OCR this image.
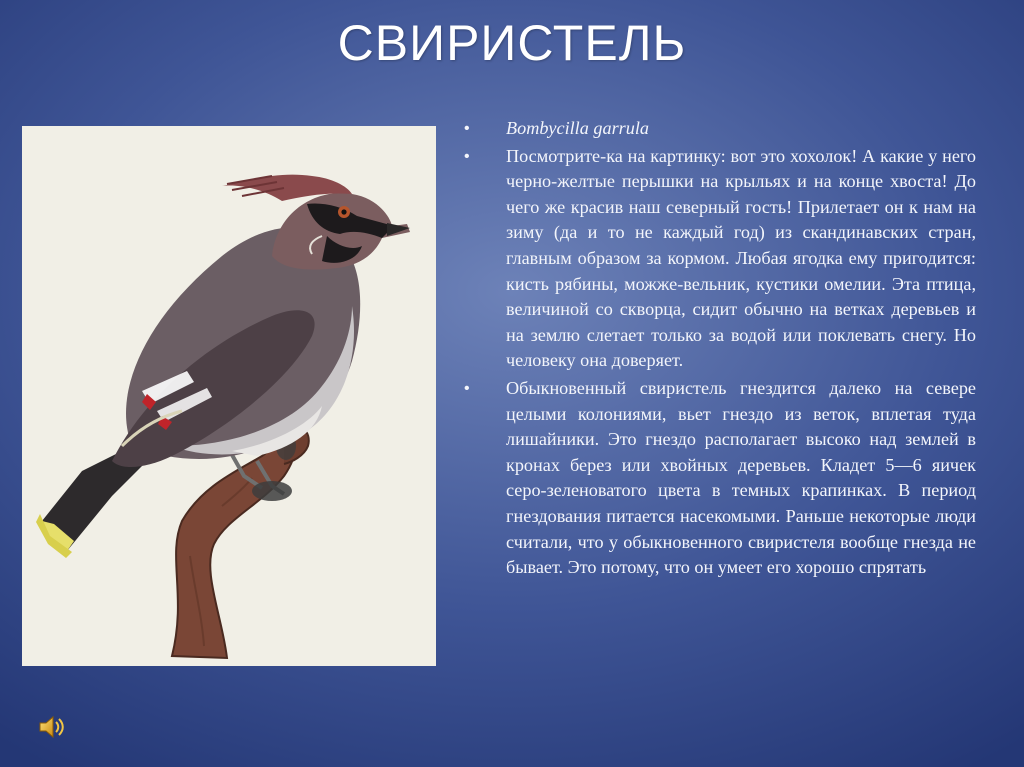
СВИРИСТЕЛЬ
• Bombycilla garrula
• Посмотрите-ка на картинку: вот это хохолок! А какие у него черно-желтые перышки на крыльях и на конце хвоста! До чего же красив наш северный гость! Прилетает он к нам на зиму (да и то не каждый год) из скандинавских стран, главным образом за кормом. Любая ягодка ему пригодится: кисть рябины, можже-вельник, кустики омелии. Эта птица, величиной со скворца, сидит обычно на ветках деревьев и на землю слетает только за водой или поклевать снегу. Но человеку она доверяет.
• Обыкновенный свиристель гнездится далеко на севере целыми колониями, вьет гнездо из веток, вплетая туда лишайники. Это гнездо располагает высоко над землей в кронах берез или хвойных деревьев. Кладет 5—6 яичек серо-зеленоватого цвета в темных крапинках. В период гнездования питается насекомыми. Раньше некоторые люди считали, что у обыкновенного свиристеля вообще гнезда не бывает. Это потому, что он умеет его хорошо спрятать
